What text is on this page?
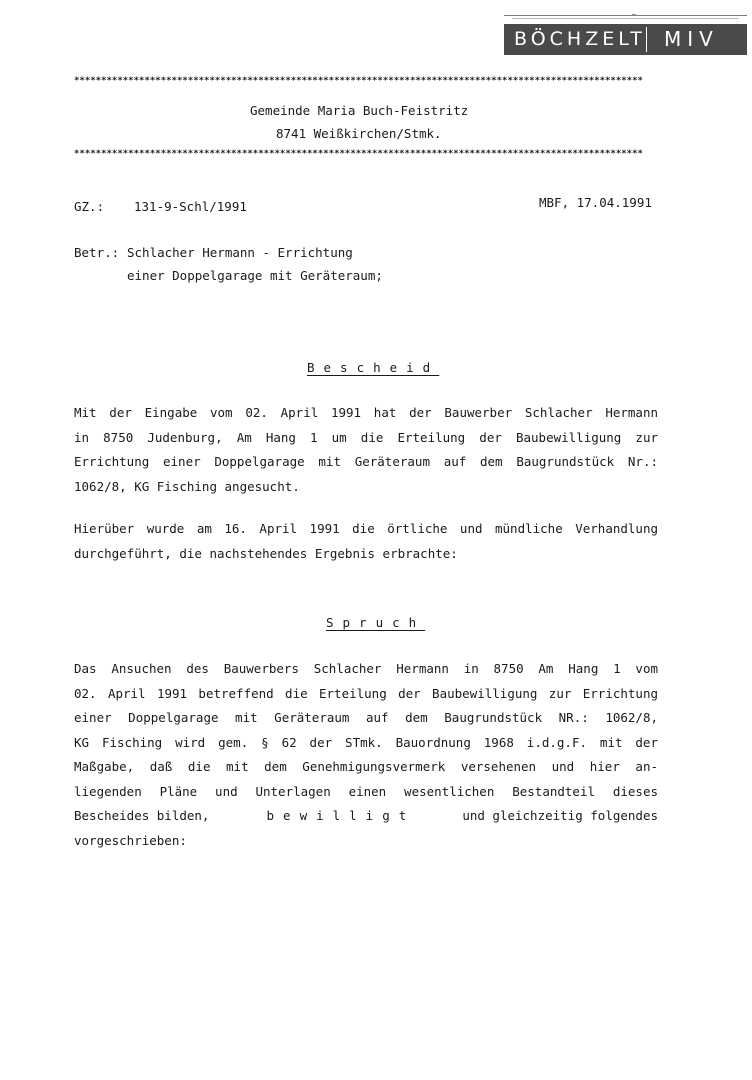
BÖCHZELT MIV
*********************************************************************************************************
Gemeinde Maria Buch-Feistritz
8741 Weißkirchen/Stmk.
*********************************************************************************************************
GZ.: 131-9-Schl/1991	MBF, 17.04.1991
Betr.: Schlacher Hermann - Errichtung
einer Doppelgarage mit Geräteraum;
Bescheid
Mit der Eingabe vom 02. April 1991 hat der Bauwerber Schlacher Hermann
in 8750 Judenburg, Am Hang 1 um die Erteilung der Baubewilligung zur
Errichtung einer Doppelgarage mit Geräteraum auf dem Baugrundstück Nr.:
1062/8, KG Fisching angesucht.
Hierüber wurde am 16. April 1991 die örtliche und mündliche Verhandlung
durchgeführt, die nachstehendes Ergebnis erbrachte:
Spruch
Das Ansuchen des Bauwerbers Schlacher Hermann in 8750 Am Hang 1 vom
02. April 1991 betreffend die Erteilung der Baubewilligung zur Errichtung
einer Doppelgarage mit Geräteraum auf dem Baugrundstück NR.: 1062/8,
KG Fisching wird gem. § 62 der STmk. Bauordnung 1968 i.d.g.F. mit der
Maßgabe, daß die mit dem Genehmigungsvermerk versehenen und hier an-
liegenden Pläne und Unterlagen einen wesentlichen Bestandteil dieses
Bescheides bilden,	bewilligt	und gleichzeitig folgendes
vorgeschrieben:
